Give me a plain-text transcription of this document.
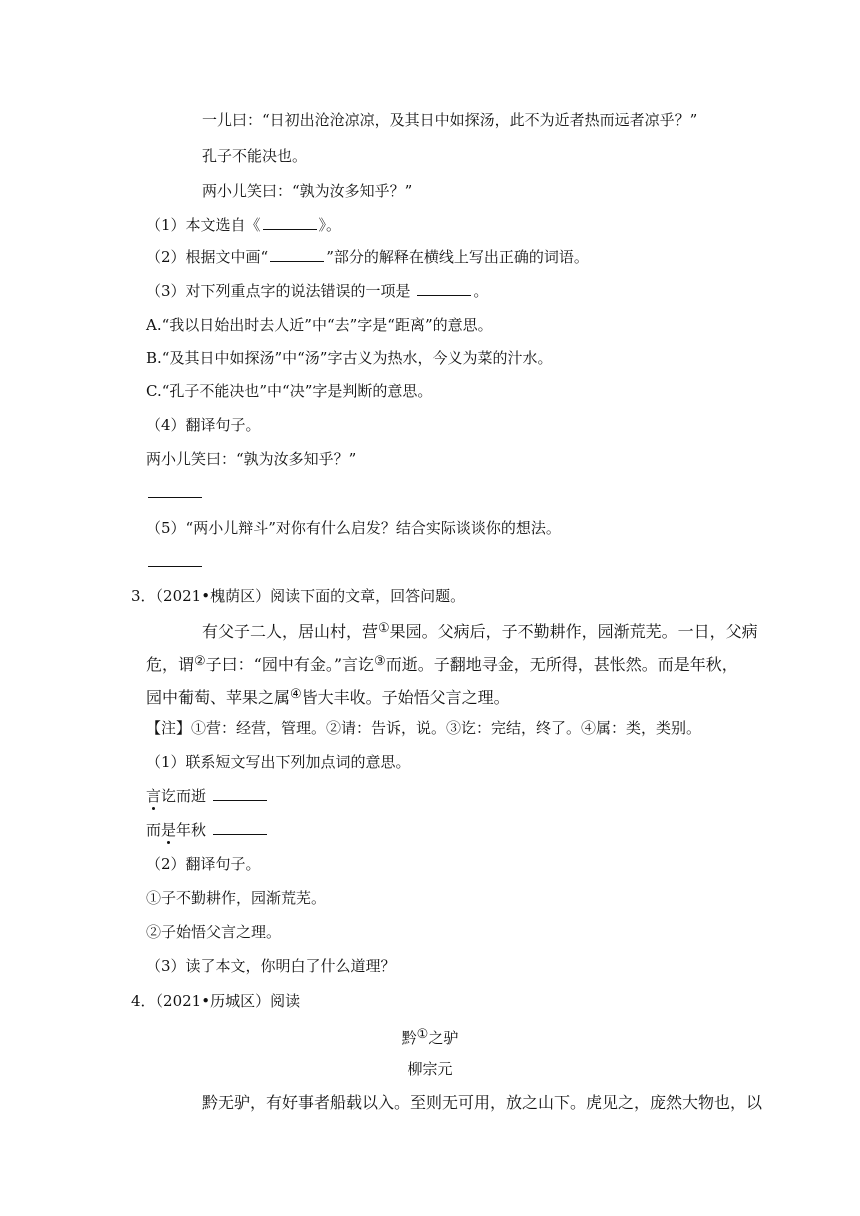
一儿曰：“日初出沧沧凉凉，及其日中如探汤，此不为近者热而远者凉乎？”
孔子不能决也。
两小儿笑曰：“孰为汝多知乎？”
（1）本文选自《	》。
（2）根据文中画“	”部分的解释在横线上写出正确的词语。
（3）对下列重点字的说法错误的一项是	。
A.“我以日始出时去人近”中“去”字是“距离”的意思。
B.“及其日中如探汤”中“汤”字古义为热水，今义为菜的汁水。
C.“孔子不能决也”中“决”字是判断的意思。
（4）翻译句子。
两小儿笑曰：“孰为汝多知乎？”
（5）“两小儿辩斗”对你有什么启发？结合实际谈谈你的想法。
3．（2021•槐荫区）阅读下面的文章，回答问题。
有父子二人，居山村，营①果园。父病后，子不勤耕作，园渐荒芜。一日，父病
危，谓②子曰：“园中有金。”言讫③而逝。子翻地寻金，无所得，甚怅然。而是年秋，
园中葡萄、苹果之属④皆大丰收。子始悟父言之理。
【注】①营：经营，管理。②请：告诉，说。③讫：完结，终了。④属：类，类别。
（1）联系短文写出下列加点词的意思。
言讫而逝
而是年秋
（2）翻译句子。
①子不勤耕作，园渐荒芜。
②子始悟父言之理。
（3）读了本文，你明白了什么道理？
4．（2021•历城区）阅读
黔①之驴
柳宗元
黔无驴，有好事者船载以入。至则无可用，放之山下。虎见之，庞然大物也，以
